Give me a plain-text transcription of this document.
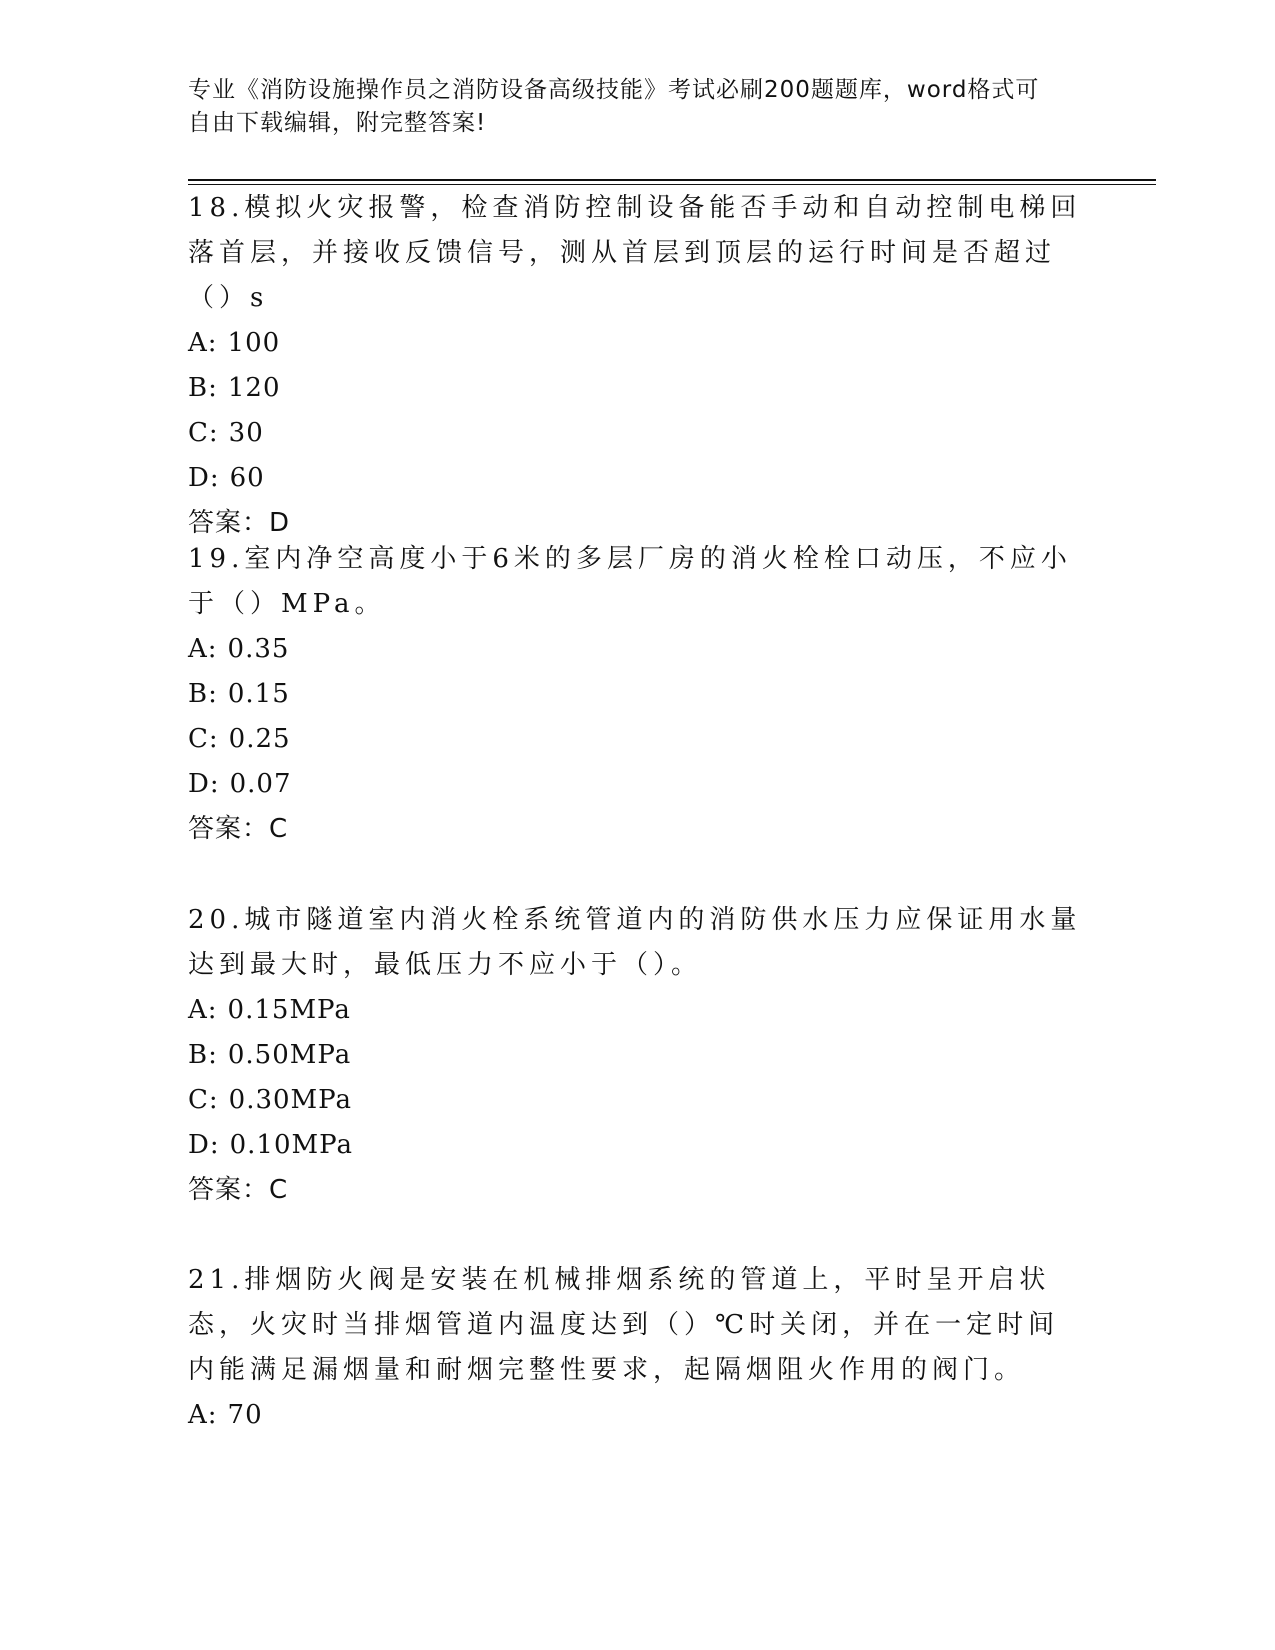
专业《消防设施操作员之消防设备高级技能》考试必刷200题题库，word格式可
自由下载编辑，附完整答案!

18.模拟火灾报警，检查消防控制设备能否手动和自动控制电梯回落首层，并接收反馈信号，测从首层到顶层的运行时间是否超过（）s

A: 100

B: 120

C: 30

D: 60

答案：D

19.室内净空高度小于6米的多层厂房的消火栓栓口动压，不应小于（）MPa。

A: 0.35

B: 0.15

C: 0.25

D: 0.07

答案：C

20.城市隧道室内消火栓系统管道内的消防供水压力应保证用水量达到最大时，最低压力不应小于（）。

A: 0.15MPa

B: 0.50MPa

C: 0.30MPa

D: 0.10MPa

答案：C

21.排烟防火阀是安装在机械排烟系统的管道上，平时呈开启状态，火灾时当排烟管道内温度达到（）℃时关闭，并在一定时间内能满足漏烟量和耐烟完整性要求，起隔烟阻火作用的阀门。

A: 70
